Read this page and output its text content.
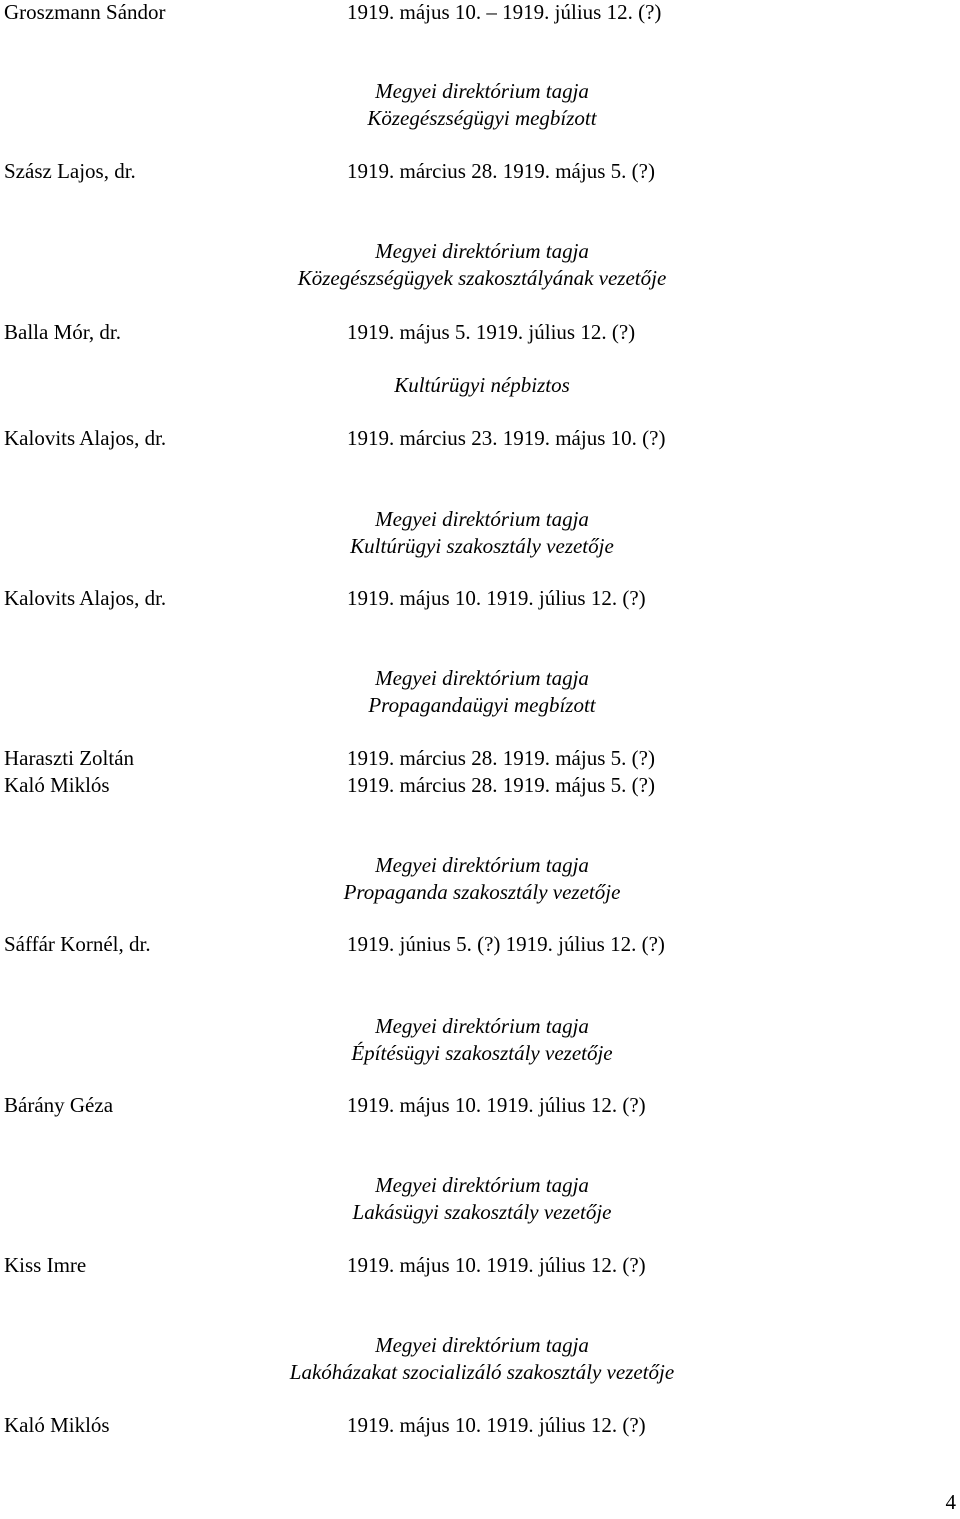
Groszmann Sándor	1919. május 10. – 1919. július 12. (?)
Megyei direktórium tagja
Közegészségügyi megbízott
Szász Lajos, dr.	1919. március 28. 1919. május 5. (?)
Megyei direktórium tagja
Közegészségügyek szakosztályának vezetője
Balla Mór, dr.	1919. május 5. 1919. július 12. (?)
Kultúrügyi népbiztos
Kalovits Alajos, dr.	1919. március 23. 1919. május 10. (?)
Megyei direktórium tagja
Kultúrügyi szakosztály vezetője
Kalovits Alajos, dr.	1919. május 10. 1919. július 12. (?)
Megyei direktórium tagja
Propagandaügyi megbízott
Haraszti Zoltán	1919. március 28. 1919. május 5. (?)
Kaló Miklós	1919. március 28. 1919. május 5. (?)
Megyei direktórium tagja
Propaganda szakosztály vezetője
Sáffár Kornél, dr.	1919. június 5. (?) 1919. július 12. (?)
Megyei direktórium tagja
Építésügyi szakosztály vezetője
Bárány Géza	1919. május 10. 1919. július 12. (?)
Megyei direktórium tagja
Lakásügyi szakosztály vezetője
Kiss Imre	1919. május 10. 1919. július 12. (?)
Megyei direktórium tagja
Lakóházakat szocializáló szakosztály vezetője
Kaló Miklós	1919. május 10. 1919. július 12. (?)
4
